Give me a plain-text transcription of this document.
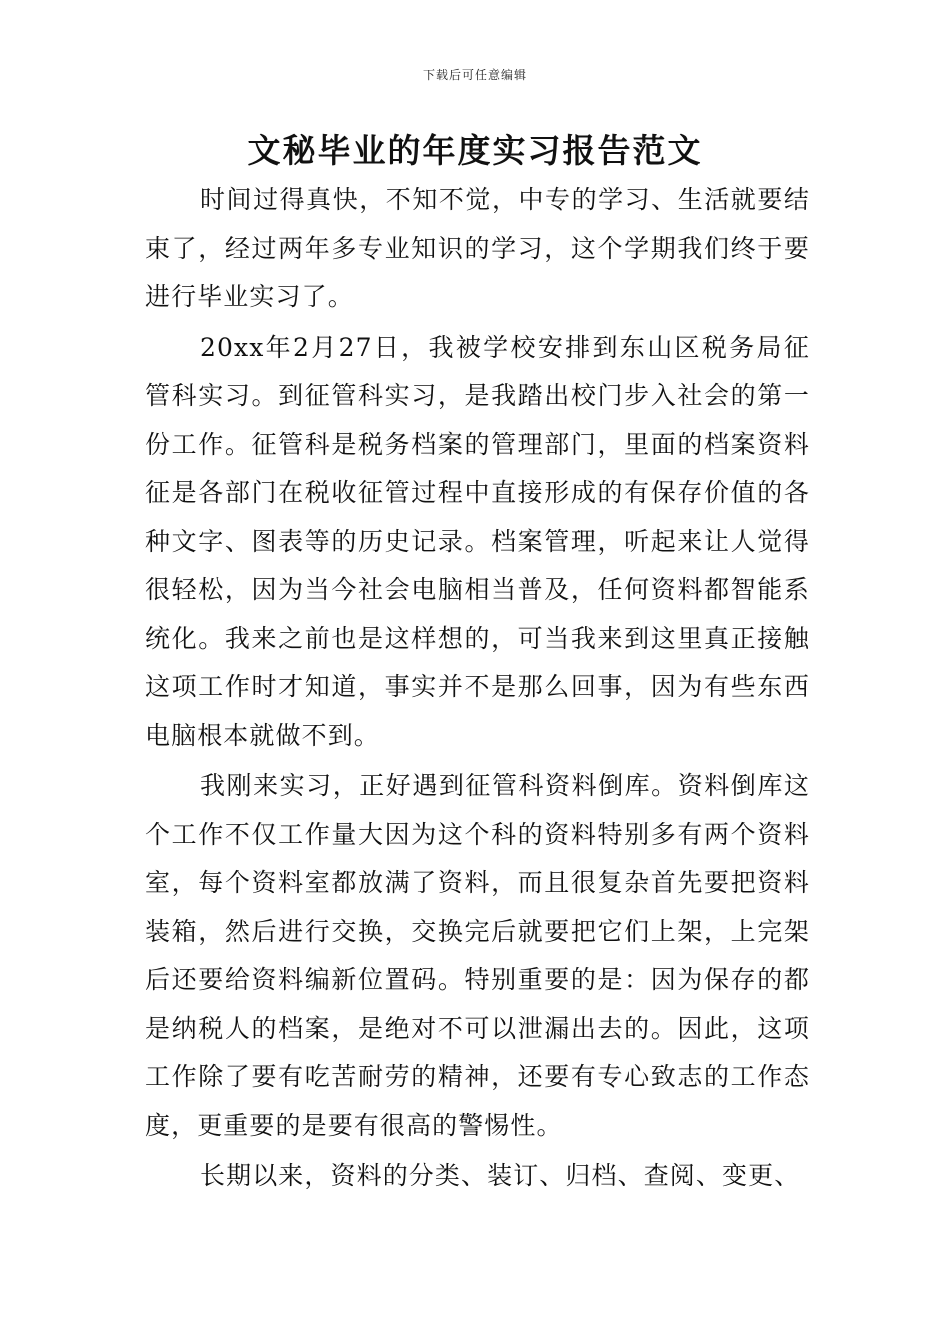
下载后可任意编辑
文秘毕业的年度实习报告范文

时间过得真快，不知不觉，中专的学习、生活就要结束了，经过两年多专业知识的学习，这个学期我们终于要进行毕业实习了。

20xx年2月27日，我被学校安排到东山区税务局征管科实习。到征管科实习，是我踏出校门步入社会的第一份工作。征管科是税务档案的管理部门，里面的档案资料征是各部门在税收征管过程中直接形成的有保存价值的各种文字、图表等的历史记录。档案管理，听起来让人觉得很轻松，因为当今社会电脑相当普及，任何资料都智能系统化。我来之前也是这样想的，可当我来到这里真正接触这项工作时才知道，事实并不是那么回事，因为有些东西电脑根本就做不到。

我刚来实习，正好遇到征管科资料倒库。资料倒库这个工作不仅工作量大因为这个科的资料特别多有两个资料室，每个资料室都放满了资料，而且很复杂首先要把资料装箱，然后进行交换，交换完后就要把它们上架，上完架后还要给资料编新位置码。特别重要的是：因为保存的都是纳税人的档案，是绝对不可以泄漏出去的。因此，这项工作除了要有吃苦耐劳的精神，还要有专心致志的工作态度，更重要的是要有很高的警惕性。

长期以来，资料的分类、装订、归档、查阅、变更、
